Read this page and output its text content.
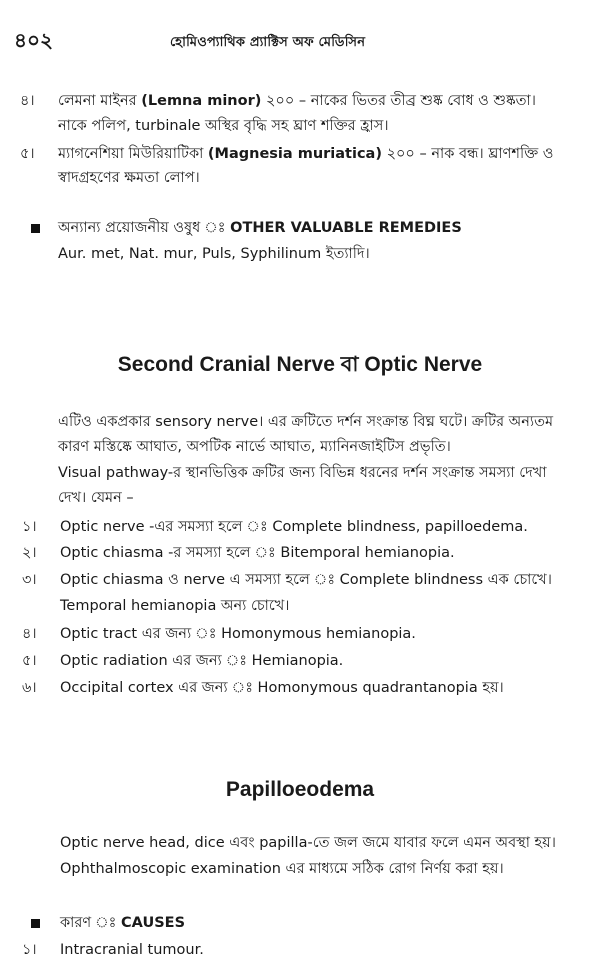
৪০২	হোমিওপ্যাথিক প্র্যাক্টিস অফ মেডিসিন
৪। লেমনা মাইনর (Lemna minor) ২০০ – নাকের ভিতর তীব্র শুষ্ক বোধ ও শুষ্কতা।
নাকে পলিপ, turbinale অস্থির বৃদ্ধি সহ ঘ্রাণ শক্তির হ্রাস।
৫। ম্যাগনেশিয়া মিউরিয়াটিকা (Magnesia muriatica) ২০০ – নাক বন্ধ। ঘ্রাণশক্তি ও
স্বাদগ্রহণের ক্ষমতা লোপ।
অন্যান্য প্রয়োজনীয় ওষুধ ঃ OTHER VALUABLE REMEDIES
Aur. met, Nat. mur, Puls, Syphilinum ইত্যাদি।
Second Cranial Nerve বা Optic Nerve
এটিও একপ্রকার sensory nerve। এর ক্রটিতে দর্শন সংক্রান্ত বিঘ্ন ঘটে। ক্রটির অন্যতম
কারণ মস্তিষ্কে আঘাত, অপটিক নার্ভে আঘাত, ম্যানিনজাইটিস প্রভৃতি।
Visual pathway-র স্থানভিত্তিক ক্রটির জন্য বিভিন্ন ধরনের দর্শন সংক্রান্ত সমস্যা দেখা
দেখ। যেমন –
১। Optic nerve -এর সমস্যা হলে ঃ Complete blindness, papilloedema.
২। Optic chiasma -র সমস্যা হলে ঃ Bitemporal hemianopia.
৩। Optic chiasma ও nerve এ সমস্যা হলে ঃ Complete blindness এক চোখে।
Temporal hemianopia অন্য চোখে।
৪। Optic tract এর জন্য ঃ Homonymous hemianopia.
৫। Optic radiation এর জন্য ঃ Hemianopia.
৬। Occipital cortex এর জন্য ঃ Homonymous quadrantanopia হয়।
Papilloeodema
Optic nerve head, dice এবং papilla-তে জল জমে যাবার ফলে এমন অবস্থা হয়।
Ophthalmoscopic examination এর মাধ্যমে সঠিক রোগ নির্ণয় করা হয়।
কারণ ঃ CAUSES
১। Intracranial tumour.
